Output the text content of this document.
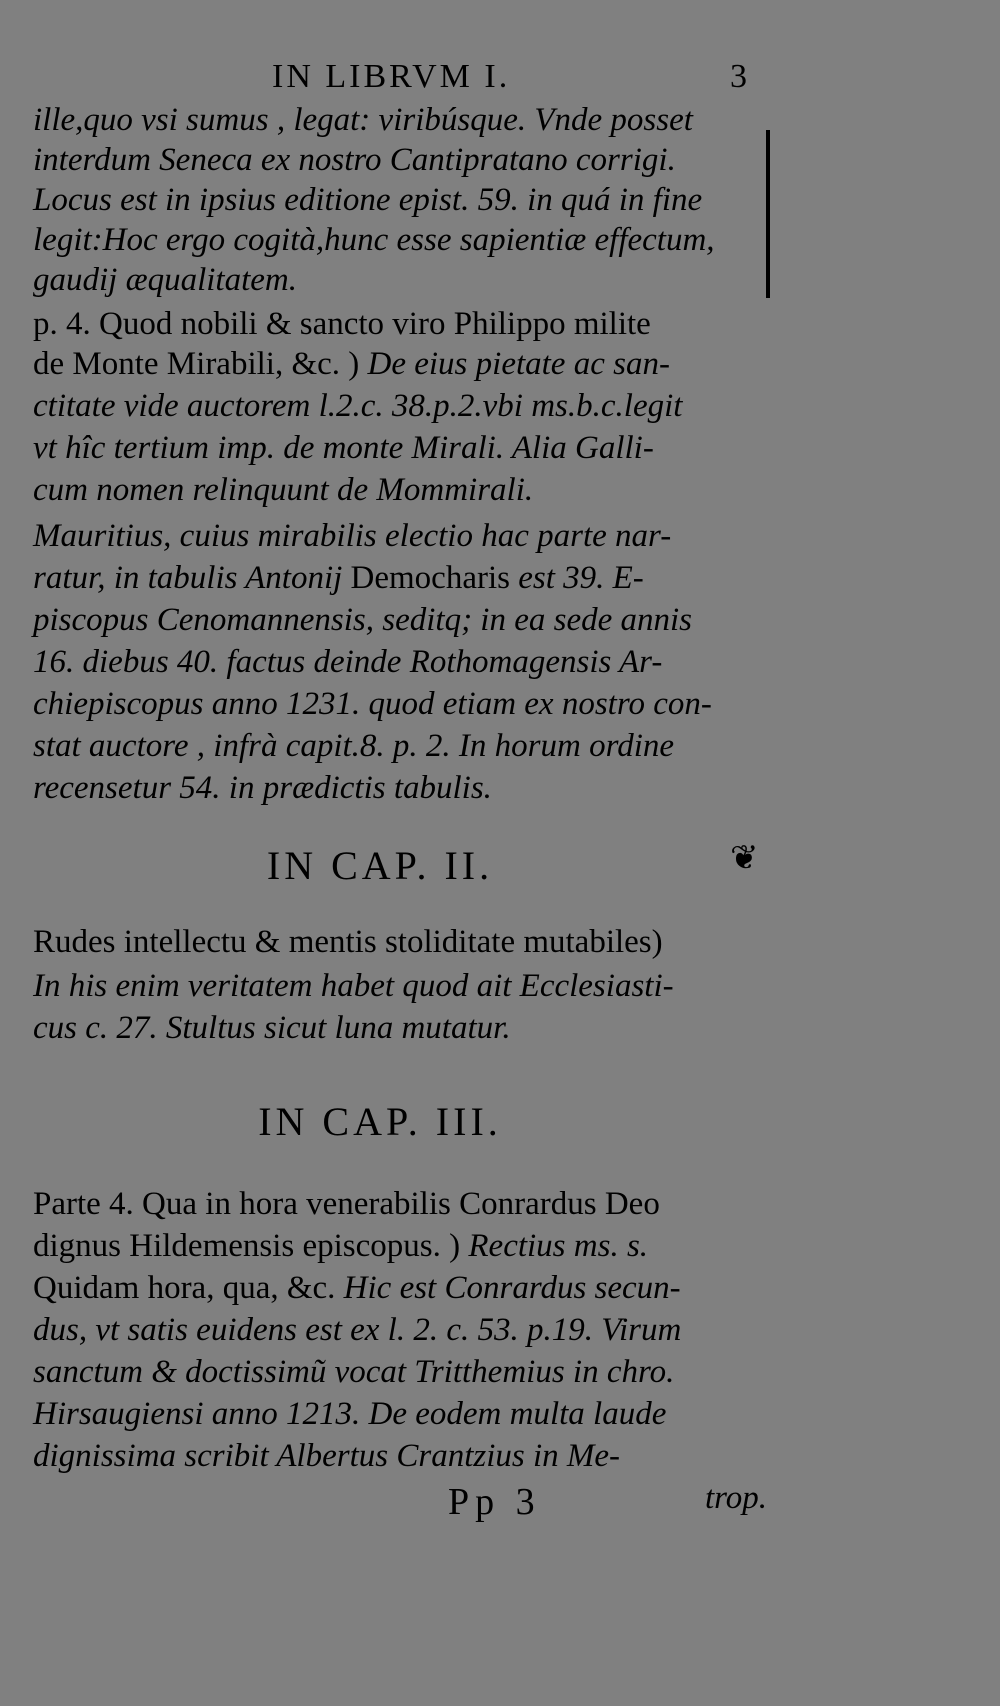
IN LIBRVM I.	3
ille,quo vsi sumus , legat: viribúsque. Vnde posset
interdum Seneca ex nostro Cantipratano corrigi.
Locus est in ipsius editione epist. 59. in quá in fine
legit:Hoc ergo cogità,hunc esse sapientiæ effectum,
gaudij æqualitatem.
p. 4. Quod nobili & sancto viro Philippo milite
de Monte Mirabili, &c. ) De eius pietate ac san-
ctitate vide auctorem l.2.c. 38.p.2.vbi ms.b.c.legit
vt hîc tertium imp. de monte Mirali. Alia Galli-
cum nomen relinquunt de Mommirali.
Mauritius, cuius mirabilis electio hac parte nar-
ratur, in tabulis Antonij Democharis est 39. E-
piscopus Cenomannensis, seditq; in ea sede annis
16. diebus 40. factus deinde Rothomagensis Ar-
chiepiscopus anno 1231. quod etiam ex nostro con-
stat auctore , infrà capit.8. p. 2. In horum ordine
recensetur 54. in prædictis tabulis.
IN CAP. II.	❦
Rudes intellectu & mentis stoliditate mutabiles)
In his enim veritatem habet quod ait Ecclesiasti-
cus c. 27. Stultus sicut luna mutatur.
IN CAP. III.
Parte 4. Qua in hora venerabilis Conrardus Deo
dignus Hildemensis episcopus. ) Rectius ms. s.
Quidam hora, qua, &c. Hic est Conrardus secun-
dus, vt satis euidens est ex l. 2. c. 53. p.19. Virum
sanctum & doctissimũ vocat Tritthemius in chro.
Hirsaugiensi anno 1213. De eodem multa laude
dignissima scribit Albertus Crantzius in Me-
Pp 3	trop.
